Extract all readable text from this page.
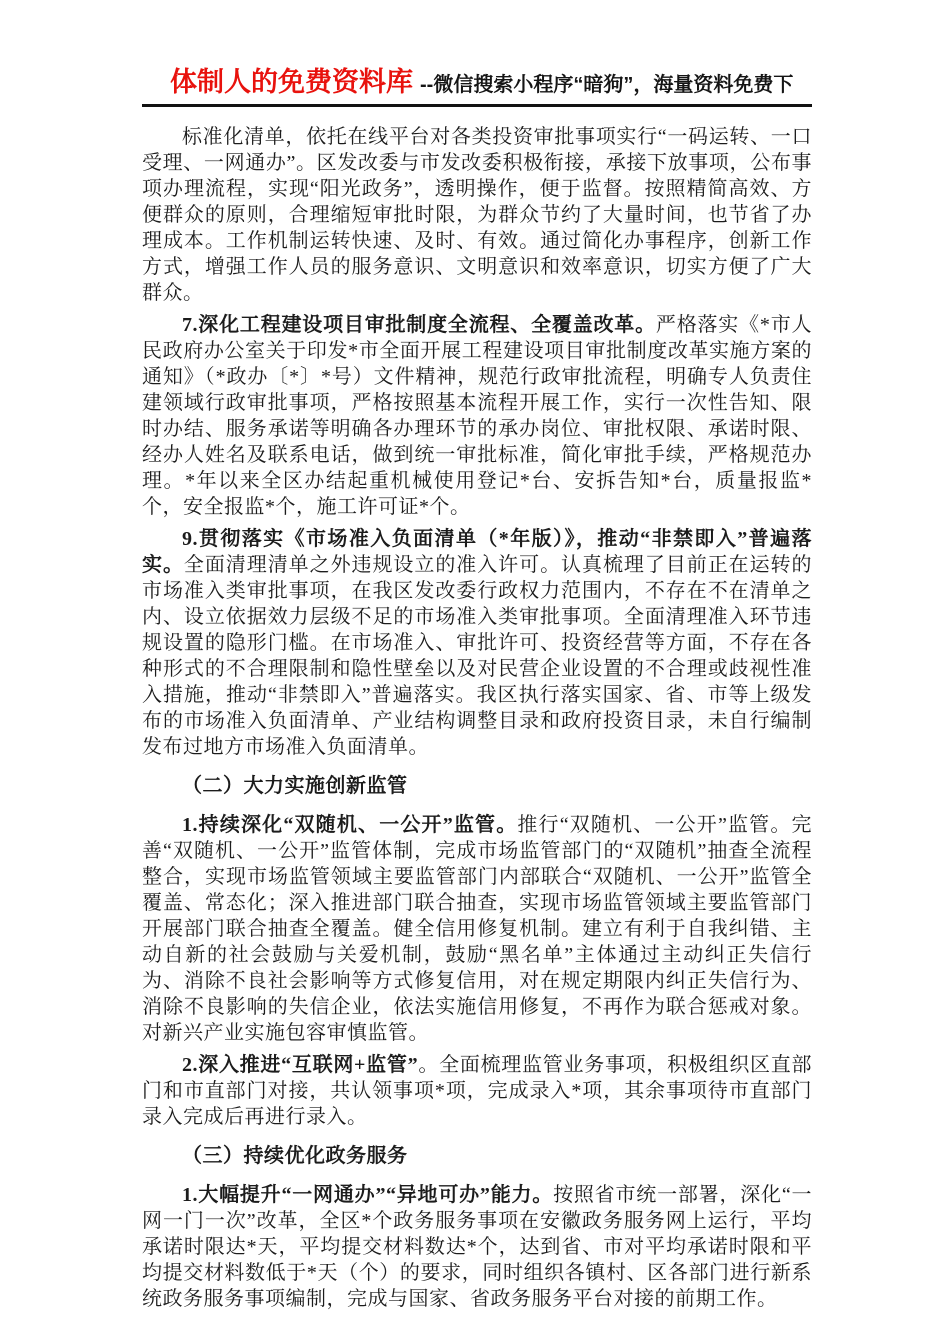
体制人的免费资料库 --微信搜索小程序“暗狗”，海量资料免费下

标准化清单，依托在线平台对各类投资审批事项实行“一码运转、一口受理、一网通办”。区发改委与市发改委积极衔接，承接下放事项，公布事项办理流程，实现“阳光政务”，透明操作，便于监督。按照精简高效、方便群众的原则，合理缩短审批时限，为群众节约了大量时间，也节省了办理成本。工作机制运转快速、及时、有效。通过简化办事程序，创新工作方式，增强工作人员的服务意识、文明意识和效率意识，切实方便了广大群众。

7.深化工程建设项目审批制度全流程、全覆盖改革。严格落实《*市人民政府办公室关于印发*市全面开展工程建设项目审批制度改革实施方案的通知》（*政办〔*〕*号）文件精神，规范行政审批流程，明确专人负责住建领域行政审批事项，严格按照基本流程开展工作，实行一次性告知、限时办结、服务承诺等明确各办理环节的承办岗位、审批权限、承诺时限、经办人姓名及联系电话，做到统一审批标准，简化审批手续，严格规范办理。*年以来全区办结起重机械使用登记*台、安拆告知*台，质量报监*个，安全报监*个，施工许可证*个。

9.贯彻落实《市场准入负面清单（*年版）》，推动“非禁即入”普遍落实。全面清理清单之外违规设立的准入许可。认真梳理了目前正在运转的市场准入类审批事项，在我区发改委行政权力范围内，不存在不在清单之内、设立依据效力层级不足的市场准入类审批事项。全面清理准入环节违规设置的隐形门槛。在市场准入、审批许可、投资经营等方面，不存在各种形式的不合理限制和隐性壁垒以及对民营企业设置的不合理或歧视性准入措施，推动“非禁即入”普遍落实。我区执行落实国家、省、市等上级发布的市场准入负面清单、产业结构调整目录和政府投资目录，未自行编制发布过地方市场准入负面清单。

（二）大力实施创新监管

1.持续深化“双随机、一公开”监管。推行“双随机、一公开”监管。完善“双随机、一公开”监管体制，完成市场监管部门的“双随机”抽查全流程整合，实现市场监管领域主要监管部门内部联合“双随机、一公开”监管全覆盖、常态化；深入推进部门联合抽查，实现市场监管领域主要监管部门开展部门联合抽查全覆盖。健全信用修复机制。建立有利于自我纠错、主动自新的社会鼓励与关爱机制，鼓励“黑名单”主体通过主动纠正失信行为、消除不良社会影响等方式修复信用，对在规定期限内纠正失信行为、消除不良影响的失信企业，依法实施信用修复，不再作为联合惩戒对象。对新兴产业实施包容审慎监管。

2.深入推进“互联网+监管”。全面梳理监管业务事项，积极组织区直部门和市直部门对接，共认领事项*项，完成录入*项，其余事项待市直部门录入完成后再进行录入。

（三）持续优化政务服务

1.大幅提升“一网通办”“异地可办”能力。按照省市统一部署，深化“一网一门一次”改革，全区*个政务服务事项在安徽政务服务网上运行，平均承诺时限达*天，平均提交材料数达*个，达到省、市对平均承诺时限和平均提交材料数低于*天（个）的要求，同时组织各镇村、区各部门进行新系统政务服务事项编制，完成与国家、省政务服务平台对接的前期工作。
